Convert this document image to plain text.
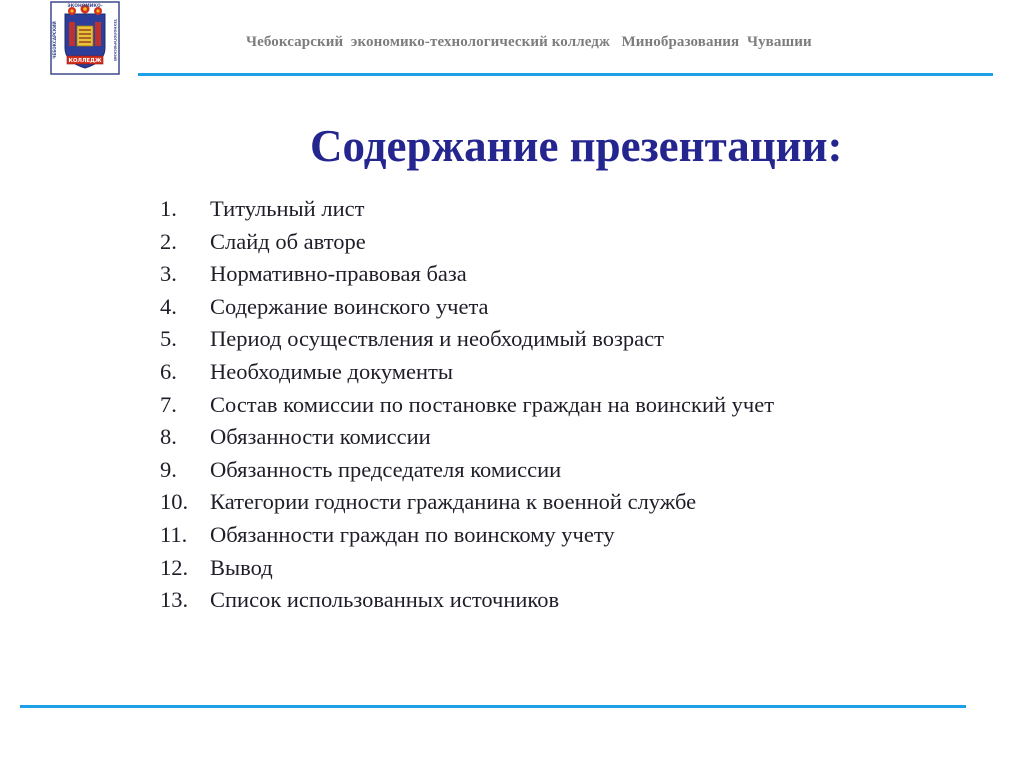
КОЛЛЕДЖ
ЭКОНОМИКО-
ЧЕБОКСАРСКИЙ	ТЕХНОЛОГИЧЕСКИЙ	Чебоксарский  экономико-технологический колледж   Минобразования  Чувашии
Содержание презентации:
1. Титульный лист
2. Слайд об авторе
3. Нормативно-правовая база
4. Содержание воинского учета
5. Период осуществления и необходимый возраст
6. Необходимые документы
7. Состав комиссии по постановке граждан на воинский учет
8. Обязанности комиссии
9. Обязанность председателя комиссии
10. Категории годности гражданина к военной службе
11. Обязанности граждан по воинскому учету
12. Вывод
13. Список использованных источников
